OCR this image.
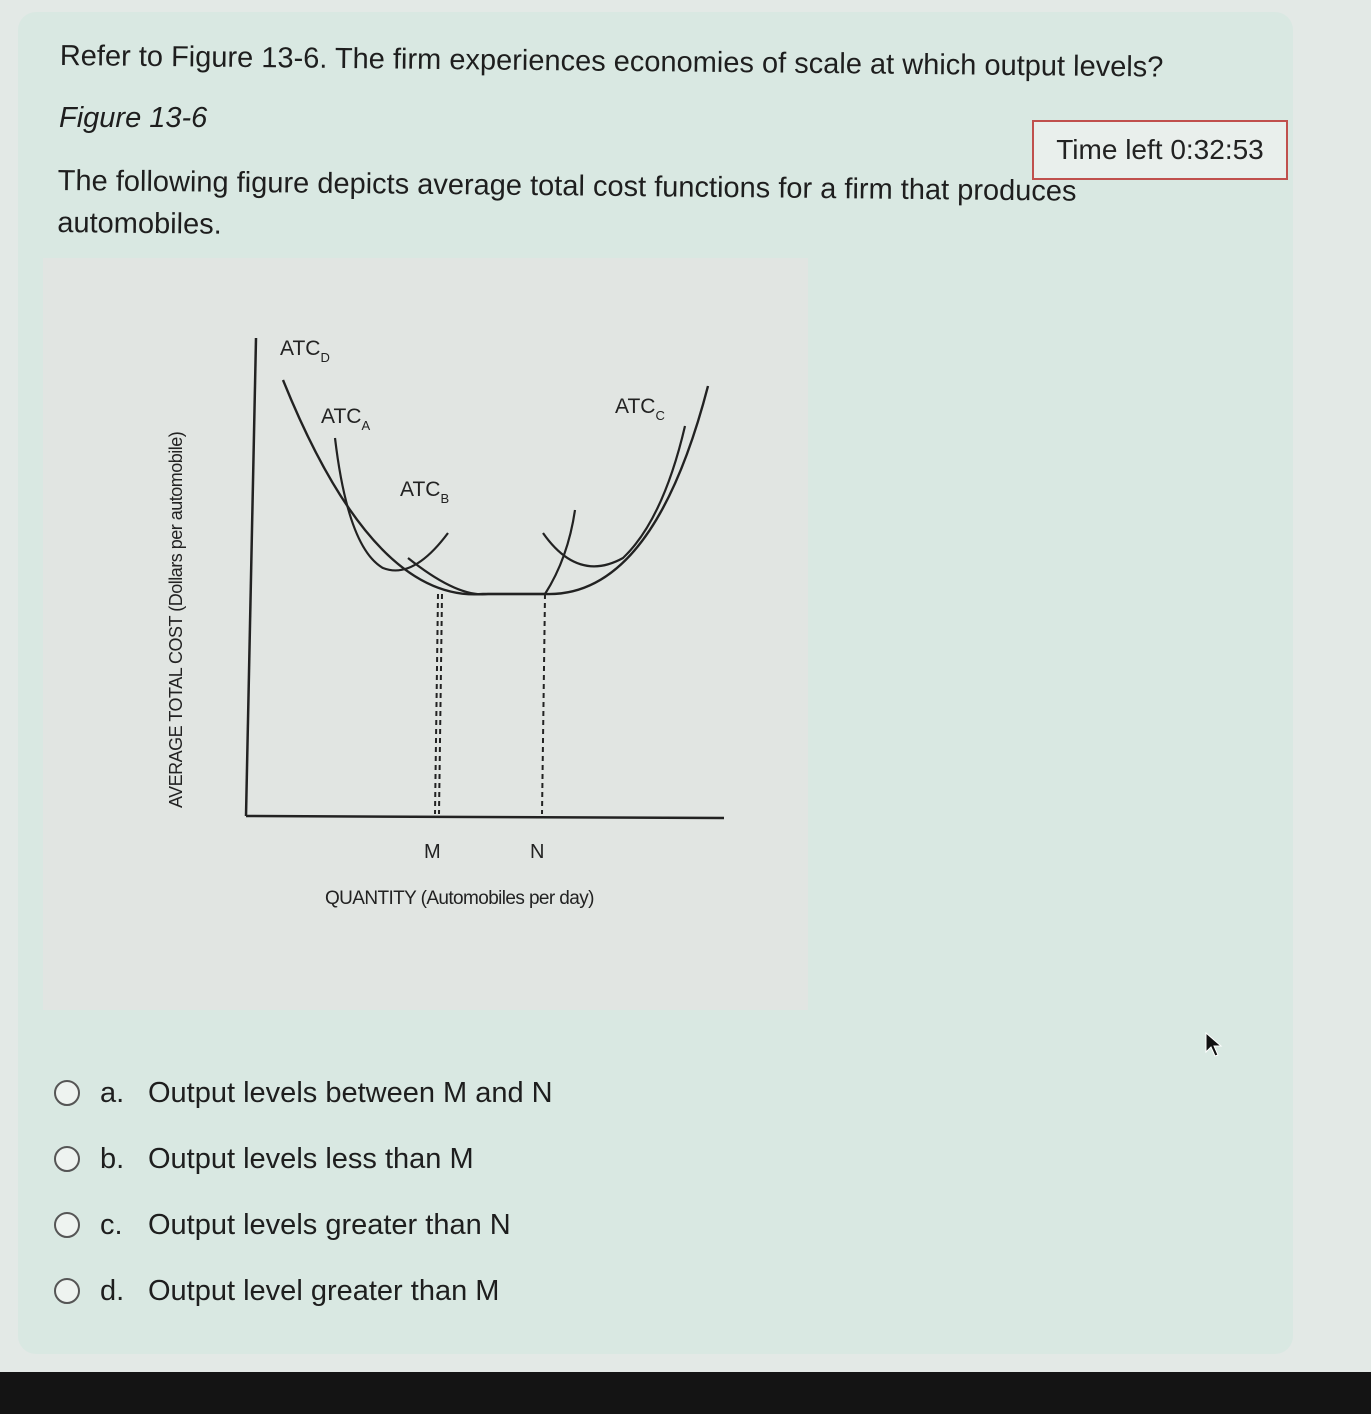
Refer to Figure 13-6. The firm experiences economies of scale at which output levels?
Figure 13-6
Time left 0:32:53
The following figure depicts average total cost functions for a firm that produces automobiles.
$ATC_D$
$ATC_A$
$ATC_B$
$ATC_C$
M	N
QUANTITY (Automobiles per day)
AVERAGE TOTAL COST (Dollars per automobile)
a. Output levels between M and N
b. Output levels less than M
c. Output levels greater than N
d. Output level greater than M
